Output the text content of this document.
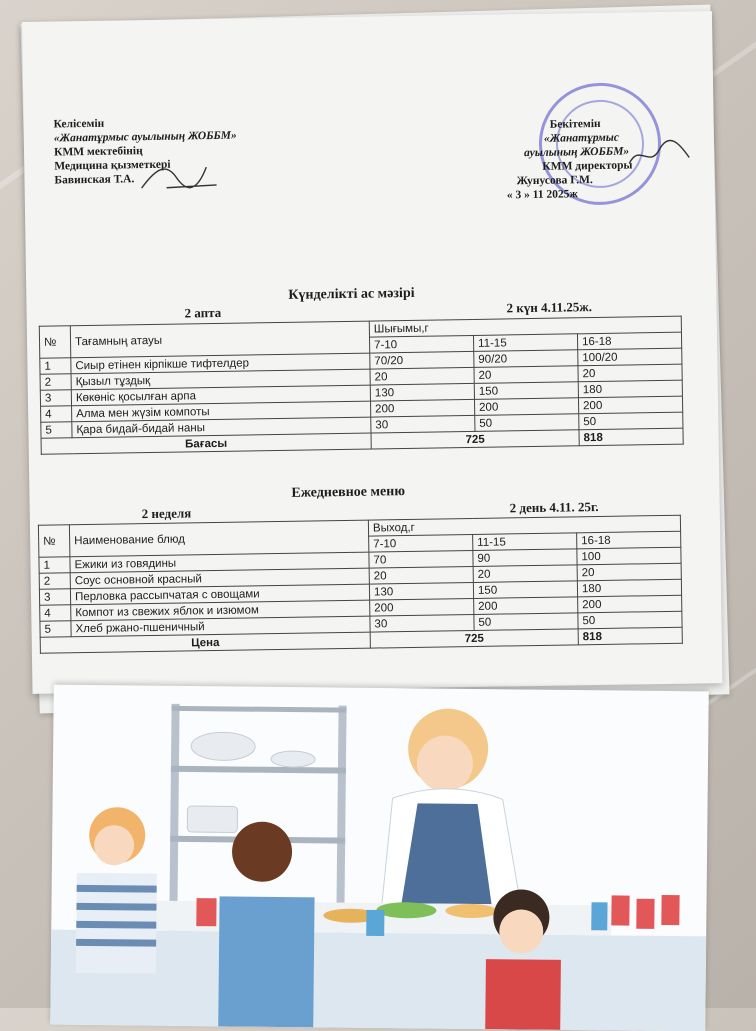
Келісемін
«Жанатұрмыс ауылының ЖОББМ»
КММ мектебінің
Медицина қызметкері
Бавинская Т.А.
Бекітемін
«Жанатұрмыс
ауылының ЖОББМ»
КММ директоры
Жунусова Г.М.
« 3 » 11 2025ж
Күнделікті ас мәзірі
2 апта	2 күн 4.11.25ж.
№	Тағамның атауы	Шығымы,г		
		7-10	11-15	16-18
1	Сиыр етінен кірпікше тифтелдер	70/20	90/20	100/20
2	Қызыл тұздық	20	20	20
3	Көкөніс қосылған арпа	130	150	180
4	Алма мен жүзім компоты	200	200	200
5	Қара бидай-бидай наны	30	50	50
Бағасы		725		818
Ежедневное меню
2 неделя	2 день 4.11. 25г.
№	Наименование блюд	Выход,г		
		7-10	11-15	16-18
1	Ежики из говядины	70	90	100
2	Соус основной красный	20	20	20
3	Перловка рассыпчатая с овощами	130	150	180
4	Компот из свежих яблок и изюмом	200	200	200
5	Хлеб ржано-пшеничный	30	50	50
Цена		725		818
